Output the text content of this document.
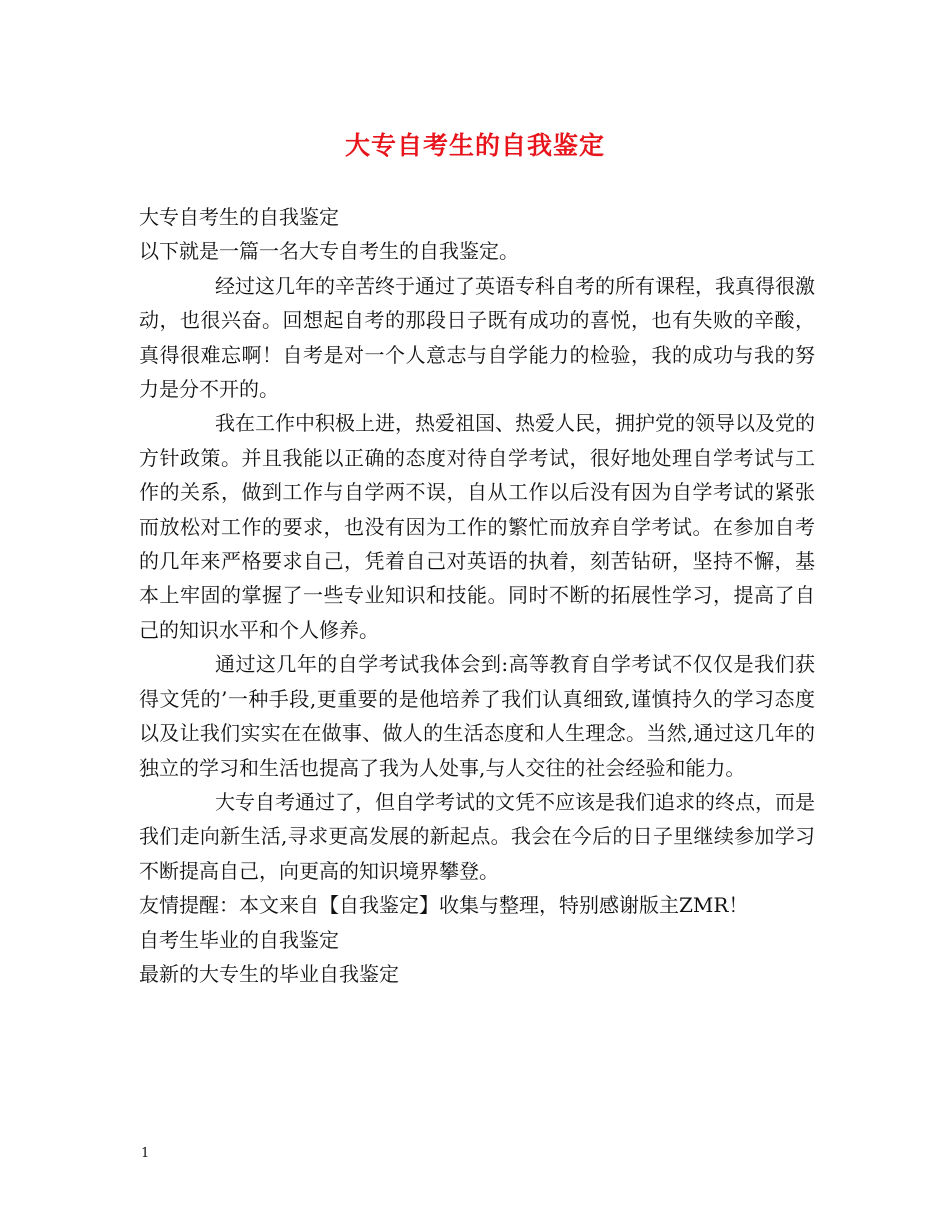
大专自考生的自我鉴定

大专自考生的自我鉴定

以下就是一篇一名大专自考生的自我鉴定。

经过这几年的辛苦终于通过了英语专科自考的所有课程，我真得很激动，也很兴奋。回想起自考的那段日子既有成功的喜悦，也有失败的辛酸，真得很难忘啊！自考是对一个人意志与自学能力的检验，我的成功与我的努力是分不开的。

我在工作中积极上进，热爱祖国、热爱人民，拥护党的领导以及党的方针政策。并且我能以正确的态度对待自学考试，很好地处理自学考试与工作的关系，做到工作与自学两不误，自从工作以后没有因为自学考试的紧张而放松对工作的要求，也没有因为工作的繁忙而放弃自学考试。在参加自考的几年来严格要求自己，凭着自己对英语的执着，刻苦钻研，坚持不懈，基本上牢固的掌握了一些专业知识和技能。同时不断的拓展性学习，提高了自己的知识水平和个人修养。

通过这几年的自学考试我体会到:高等教育自学考试不仅仅是我们获得文凭的’一种手段,更重要的是他培养了我们认真细致,谨慎持久的学习态度以及让我们实实在在做事、做人的生活态度和人生理念。当然,通过这几年的独立的学习和生活也提高了我为人处事,与人交往的社会经验和能力。

大专自考通过了，但自学考试的文凭不应该是我们追求的终点，而是我们走向新生活,寻求更高发展的新起点。我会在今后的日子里继续参加学习不断提高自己，向更高的知识境界攀登。

友情提醒：本文来自【自我鉴定】收集与整理，特别感谢版主ZMR！

自考生毕业的自我鉴定

最新的大专生的毕业自我鉴定

1
